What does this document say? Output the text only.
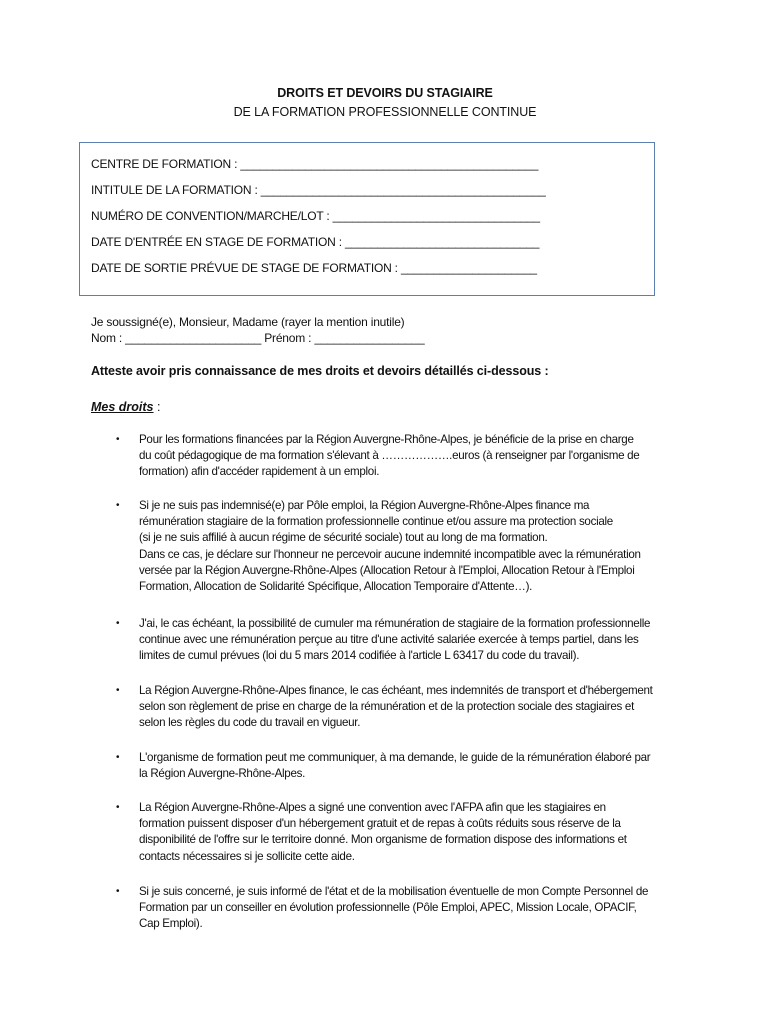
DROITS ET DEVOIRS DU STAGIAIRE
DE LA FORMATION PROFESSIONNELLE CONTINUE
CENTRE DE FORMATION : ______________________________________________
INTITULE DE LA FORMATION : ____________________________________________
NUMÉRO DE CONVENTION/MARCHE/LOT : ________________________________
DATE D'ENTRÉE EN STAGE DE FORMATION : ______________________________
DATE DE SORTIE PRÉVUE DE STAGE DE FORMATION : _____________________
Je soussigné(e), Monsieur, Madame (rayer la mention inutile)
Nom : _____________________ Prénom : _________________
Atteste avoir pris connaissance de mes droits et devoirs détaillés ci-dessous :
Mes droits :
• Pour les formations financées par la Région Auvergne-Rhône-Alpes, je bénéficie de la prise en charge
du coût pédagogique de ma formation s'élevant à ……………….euros (à renseigner par l'organisme de
formation) afin d'accéder rapidement à un emploi.
• Si je ne suis pas indemnisé(e) par Pôle emploi, la Région Auvergne-Rhône-Alpes finance ma
rémunération stagiaire de la formation professionnelle continue et/ou assure ma protection sociale
(si je ne suis affilié à aucun régime de sécurité sociale) tout au long de ma formation.
Dans ce cas, je déclare sur l'honneur ne percevoir aucune indemnité incompatible avec la rémunération
versée par la Région Auvergne-Rhône-Alpes (Allocation Retour à l'Emploi, Allocation Retour à l'Emploi
Formation, Allocation de Solidarité Spécifique, Allocation Temporaire d'Attente…).
• J'ai, le cas échéant, la possibilité de cumuler ma rémunération de stagiaire de la formation professionnelle
continue avec une rémunération perçue au titre d'une activité salariée exercée à temps partiel, dans les
limites de cumul prévues (loi du 5 mars 2014 codifiée à l'article L 63417 du code du travail).
• La Région Auvergne-Rhône-Alpes finance, le cas échéant, mes indemnités de transport et d'hébergement
selon son règlement de prise en charge de la rémunération et de la protection sociale des stagiaires et
selon les règles du code du travail en vigueur.
• L'organisme de formation peut me communiquer, à ma demande, le guide de la rémunération élaboré par
la Région Auvergne-Rhône-Alpes.
• La Région Auvergne-Rhône-Alpes a signé une convention avec l'AFPA afin que les stagiaires en
formation puissent disposer d'un hébergement gratuit et de repas à coûts réduits sous réserve de la
disponibilité de l'offre sur le territoire donné. Mon organisme de formation dispose des informations et
contacts nécessaires si je sollicite cette aide.
• Si je suis concerné, je suis informé de l'état et de la mobilisation éventuelle de mon Compte Personnel de
Formation par un conseiller en évolution professionnelle (Pôle Emploi, APEC, Mission Locale, OPACIF,
Cap Emploi).
